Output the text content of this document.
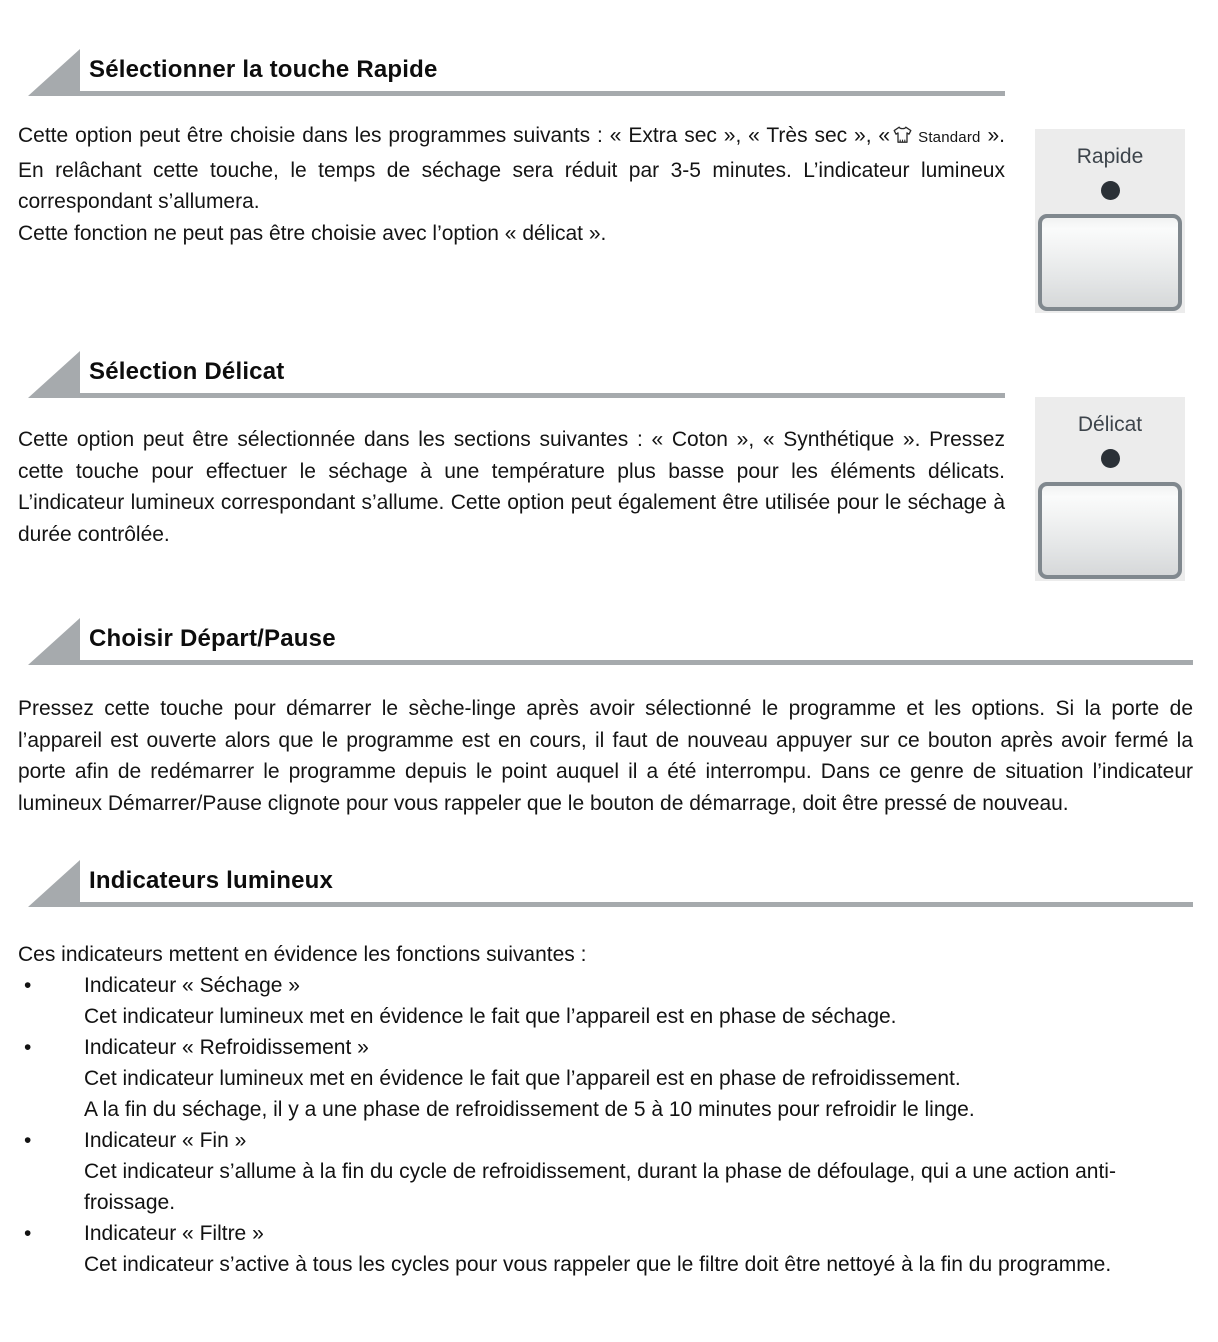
Sélectionner la touche Rapide

Cette option peut être choisie dans les programmes suivants : « Extra sec », « Très sec », « Standard ». En relâchant cette touche, le temps de séchage sera réduit par 3-5 minutes. L’indicateur lumineux correspondant s’allumera.
Cette fonction ne peut pas être choisie avec l’option « délicat ».

Rapide
Sélection Délicat

Cette option peut être sélectionnée dans les sections suivantes : « Coton », « Synthétique ». Pressez cette touche pour effectuer le séchage à une température plus basse pour les éléments délicats. L’indicateur lumineux correspondant s’allume. Cette option peut également être utilisée pour le séchage à durée contrôlée.

Délicat
Choisir Départ/Pause

Pressez cette touche pour démarrer le sèche-linge après avoir sélectionné le programme et les options. Si la porte de l’appareil est ouverte alors que le programme est en cours, il faut de nouveau appuyer sur ce bouton après avoir fermé la porte afin de redémarrer le programme depuis le point auquel il a été interrompu. Dans ce genre de situation l’indicateur lumineux Démarrer/Pause clignote pour vous rappeler que le bouton de démarrage, doit être pressé de nouveau.

Indicateurs lumineux

Ces indicateurs mettent en évidence les fonctions suivantes :

•	Indicateur « Séchage »
Cet indicateur lumineux met en évidence le fait que l’appareil est en phase de séchage.
•	Indicateur « Refroidissement »
Cet indicateur lumineux met en évidence le fait que l’appareil est en phase de refroidissement.
A la fin du séchage, il y a une phase de refroidissement de 5 à 10 minutes pour refroidir le linge.
•	Indicateur « Fin »
Cet indicateur s’allume à la fin du cycle de refroidissement, durant la phase de défoulage, qui a une action anti-froissage.
•	Indicateur « Filtre »
Cet indicateur s’active à tous les cycles pour vous rappeler que le filtre doit être nettoyé à la fin du programme.
